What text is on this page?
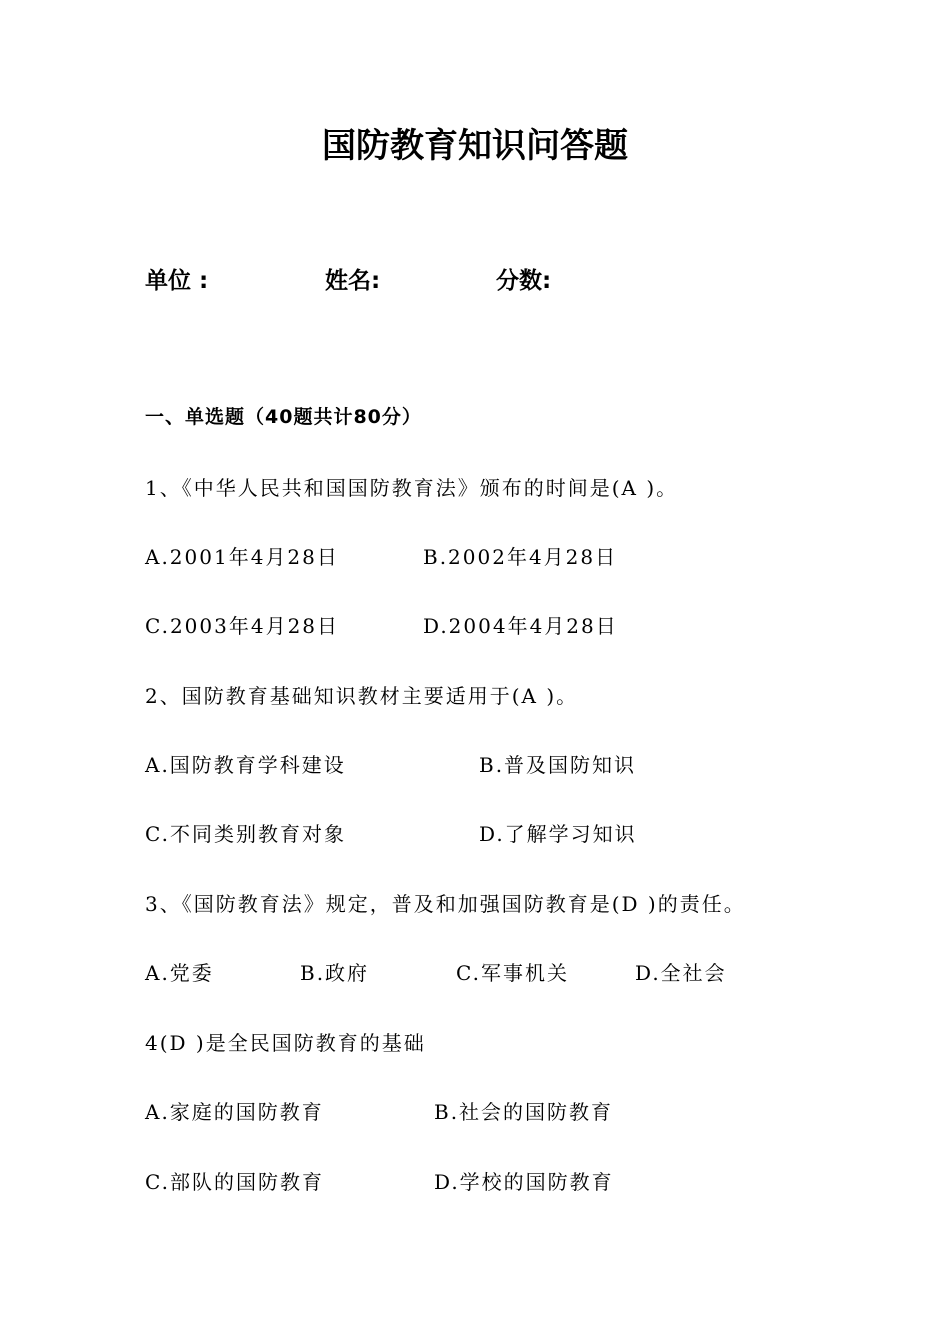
国防教育知识问答题
单位 :	姓名:	分数:
一、单选题（40题共计80分）
1、《中华人民共和国国防教育法》颁布的时间是(A )。
A.2001年4月28日	B.2002年4月28日
C.2003年4月28日	D.2004年4月28日
2、国防教育基础知识教材主要适用于(A )。
A.国防教育学科建设	B.普及国防知识
C.不同类别教育对象	D.了解学习知识
3、《国防教育法》规定，普及和加强国防教育是(D )的责任。
A.党委	B.政府	C.军事机关	D.全社会
4(D )是全民国防教育的基础
A.家庭的国防教育	B.社会的国防教育
C.部队的国防教育	D.学校的国防教育
